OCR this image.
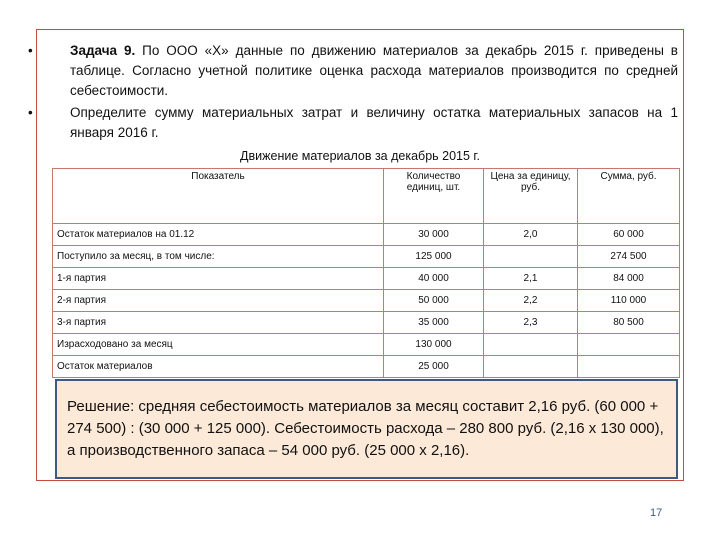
•	Задача 9. По ООО «Х» данные по движению материалов за декабрь 2015 г. приведены в таблице. Согласно учетной политике оценка расхода материалов производится по средней себестоимости.
•	Определите сумму материальных затрат и величину остатка материальных запасов на 1 января 2016 г.
Движение материалов за декабрь 2015 г.
Показатель	Количество единиц, шт.	Цена за единицу, руб.	Сумма, руб.
Остаток материалов на 01.12	30 000	2,0	60 000
Поступило за месяц, в том числе:	125 000		274 500
1-я партия	40 000	2,1	84 000
2-я партия	50 000	2,2	110 000
3-я партия	35 000	2,3	80 500
Израсходовано за месяц	130 000		
Остаток материалов	25 000		
Решение: средняя себестоимость материалов за месяц составит 2,16 руб. (60 000 + 274 500) : (30 000 + 125 000). Себестоимость расхода – 280 800 руб. (2,16 х 130 000), а производственного запаса – 54 000 руб. (25 000 х 2,16).
17
